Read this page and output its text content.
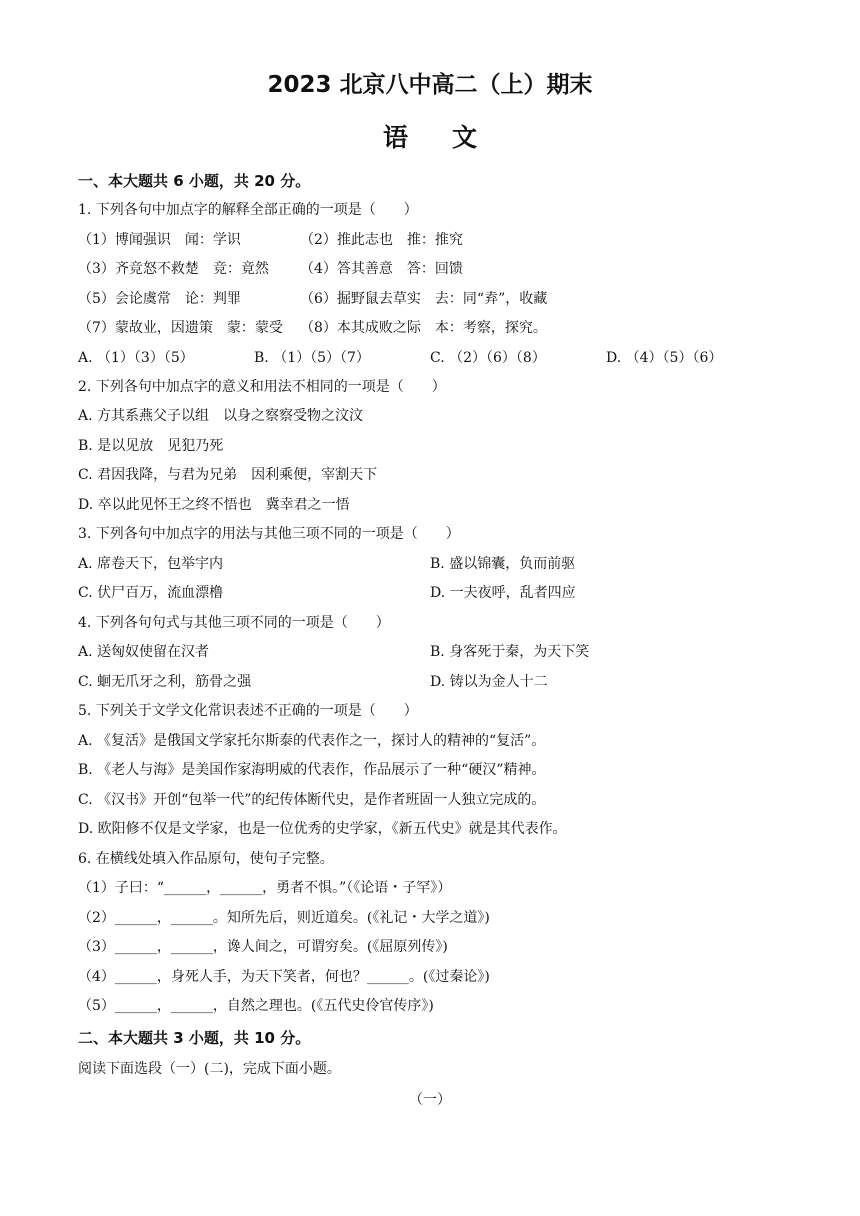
2023 北京八中高二（上）期末
语文
一、本大题共 6 小题，共 20 分。
1. 下列各句中加点字的解释全部正确的一项是（　　）
（1）博闻强识　闻：学识	（2）推此志也　推：推究
（3）齐竞怒不救楚　竞：竟然 （4）答其善意　答：回馈
（5）会论虞常　论：判罪	（6）掘野鼠去草实　去：同“弆”，收藏
（7）蒙故业，因遗策　蒙：蒙受 （8）本其成败之际　本：考察，探究。
A. （1）（3）（5）	B. （1）（5）（7）	C. （2）（6）（8）	D. （4）（5）（6）
2. 下列各句中加点字的意义和用法不相同的一项是（　　）
A. 方其系燕父子以组　以身之察察受物之汶汶
B. 是以见放　见犯乃死
C. 君因我降，与君为兄弟　因利乘便，宰割天下
D. 卒以此见怀王之终不悟也　冀幸君之一悟
3. 下列各句中加点字的用法与其他三项不同的一项是（　　）
A. 席卷天下，包举宇内	B. 盛以锦囊，负而前驱
C. 伏尸百万，流血漂橹	D. 一夫夜呼，乱者四应
4. 下列各句句式与其他三项不同的一项是（　　）
A. 送匈奴使留在汉者	B. 身客死于秦，为天下笑
C. 蛔无爪牙之利，筋骨之强	D. 铸以为金人十二
5. 下列关于文学文化常识表述不正确的一项是（　　）
A. 《复活》是俄国文学家托尔斯泰的代表作之一，探讨人的精神的“复活”。
B. 《老人与海》是美国作家海明威的代表作，作品展示了一种“硬汉”精神。
C. 《汉书》开创“包举一代”的纪传体断代史，是作者班固一人独立完成的。
D. 欧阳修不仅是文学家，也是一位优秀的史学家，《新五代史》就是其代表作。
6. 在横线处填入作品原句，使句子完整。
（1）子曰：“______，______，勇者不惧。”（《论语・子罕》）
（2）______，______。知所先后，则近道矣。(《礼记・大学之道》)
（3）______，______，谗人间之，可谓穷矣。(《屈原列传》)
（4）______，身死人手，为天下笑者，何也？______。(《过秦论》)
（5）______，______，自然之理也。(《五代史伶官传序》)
二、本大题共 3 小题，共 10 分。
阅读下面选段（一）(二)，完成下面小题。
（一）
